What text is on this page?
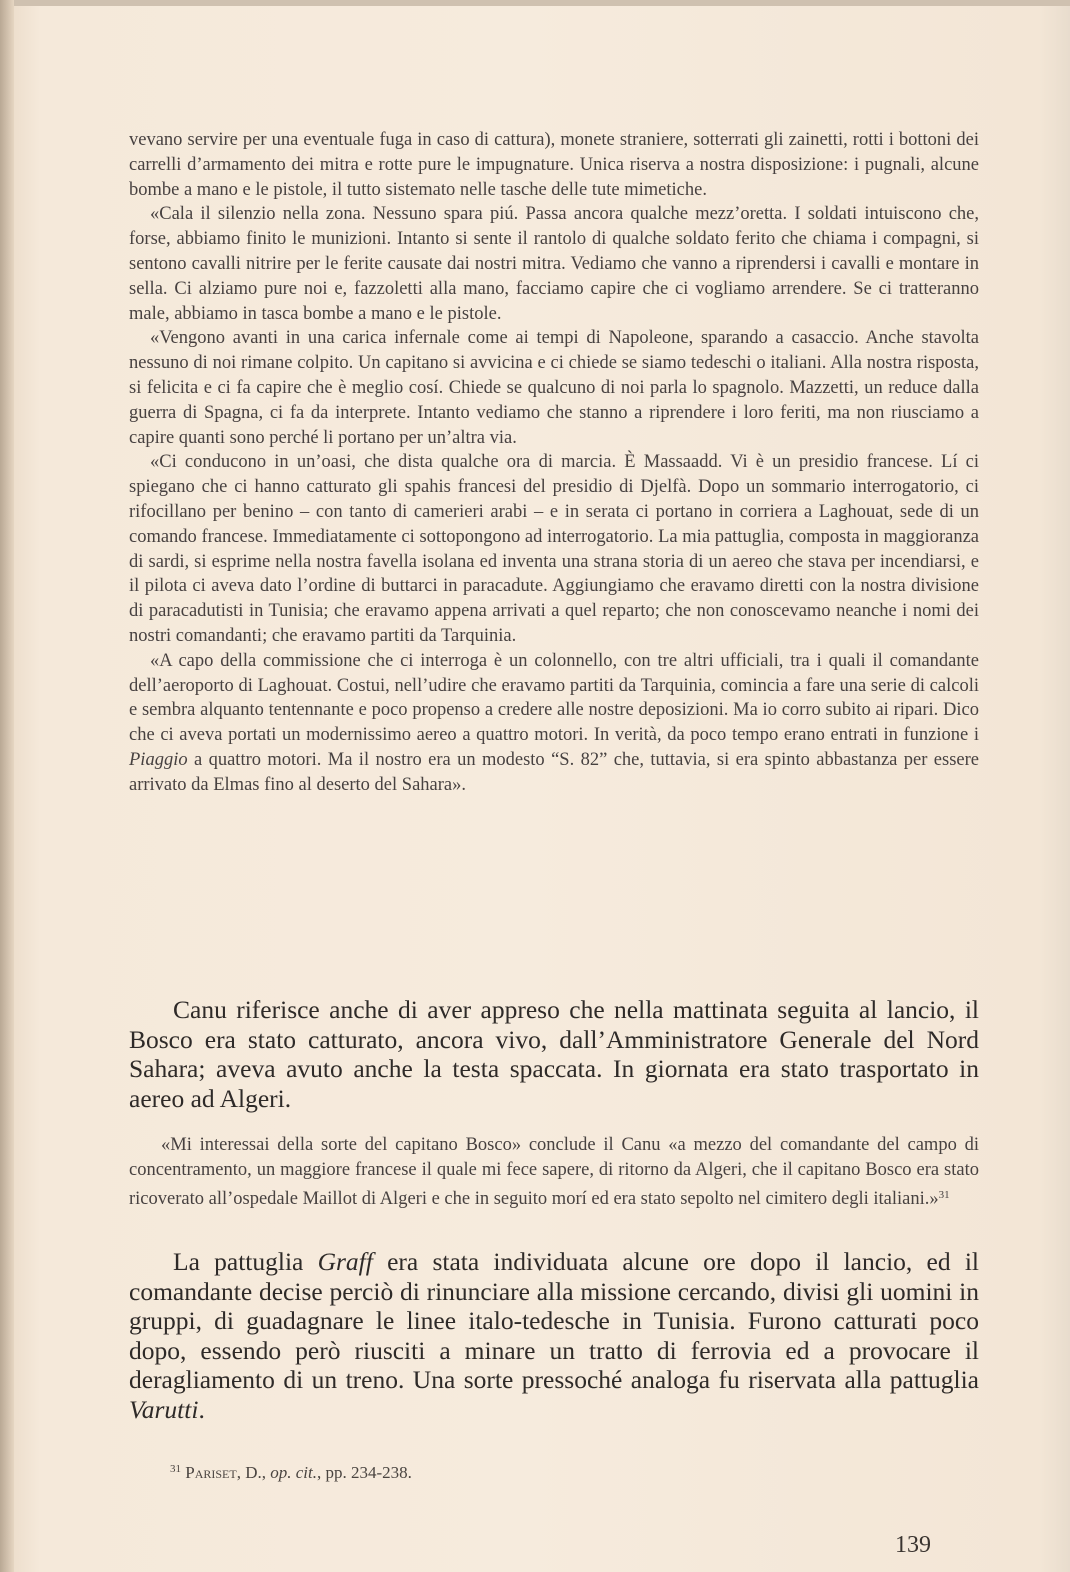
vevano servire per una eventuale fuga in caso di cattura), monete straniere, sotterrati gli zainetti, rotti i bottoni dei carrelli d’armamento dei mitra e rotte pure le impugnature. Unica riserva a nostra disposizione: i pugnali, alcune bombe a mano e le pistole, il tutto sistemato nelle tasche delle tute mimetiche.

«Cala il silenzio nella zona. Nessuno spara piú. Passa ancora qualche mezz’oretta. I soldati intuiscono che, forse, abbiamo finito le munizioni. Intanto si sente il rantolo di qualche soldato ferito che chiama i compagni, si sentono cavalli nitrire per le ferite causate dai nostri mitra. Vediamo che vanno a riprendersi i cavalli e montare in sella. Ci alziamo pure noi e, fazzoletti alla mano, facciamo capire che ci vogliamo arrendere. Se ci tratteranno male, abbiamo in tasca bombe a mano e le pistole.

«Vengono avanti in una carica infernale come ai tempi di Napoleone, sparando a casaccio. Anche stavolta nessuno di noi rimane colpito. Un capitano si avvicina e ci chiede se siamo tedeschi o italiani. Alla nostra risposta, si felicita e ci fa capire che è meglio cosí. Chiede se qualcuno di noi parla lo spagnolo. Mazzetti, un reduce dalla guerra di Spagna, ci fa da interprete. Intanto vediamo che stanno a riprendere i loro feriti, ma non riusciamo a capire quanti sono perché li portano per un’altra via.

«Ci conducono in un’oasi, che dista qualche ora di marcia. È Massaadd. Vi è un presidio francese. Lí ci spiegano che ci hanno catturato gli spahis francesi del presidio di Djelfà. Dopo un sommario interrogatorio, ci rifocillano per benino – con tanto di camerieri arabi – e in serata ci portano in corriera a Laghouat, sede di un comando francese. Immediatamente ci sottopongono ad interrogatorio. La mia pattuglia, composta in maggioranza di sardi, si esprime nella nostra favella isolana ed inventa una strana storia di un aereo che stava per incendiarsi, e il pilota ci aveva dato l’ordine di buttarci in paracadute. Aggiungiamo che eravamo diretti con la nostra divisione di paracadutisti in Tunisia; che eravamo appena arrivati a quel reparto; che non conoscevamo neanche i nomi dei nostri comandanti; che eravamo partiti da Tarquinia.

«A capo della commissione che ci interroga è un colonnello, con tre altri ufficiali, tra i quali il comandante dell’aeroporto di Laghouat. Costui, nell’udire che eravamo partiti da Tarquinia, comincia a fare una serie di calcoli e sembra alquanto tentennante e poco propenso a credere alle nostre deposizioni. Ma io corro subito ai ripari. Dico che ci aveva portati un modernissimo aereo a quattro motori. In verità, da poco tempo erano entrati in funzione i Piaggio a quattro motori. Ma il nostro era un modesto “S. 82” che, tuttavia, si era spinto abbastanza per essere arrivato da Elmas fino al deserto del Sahara».

Canu riferisce anche di aver appreso che nella mattinata seguita al lancio, il Bosco era stato catturato, ancora vivo, dall’Amministratore Generale del Nord Sahara; aveva avuto anche la testa spaccata. In giornata era stato trasportato in aereo ad Algeri.
«Mi interessai della sorte del capitano Bosco» conclude il Canu «a mezzo del comandante del campo di concentramento, un maggiore francese il quale mi fece sapere, di ritorno da Algeri, che il capitano Bosco era stato ricoverato all’ospedale Maillot di Algeri e che in seguito morí ed era stato sepolto nel cimitero degli italiani.»$^{31}$
La pattuglia Graff era stata individuata alcune ore dopo il lancio, ed il comandante decise perciò di rinunciare alla missione cercando, divisi gli uomini in gruppi, di guadagnare le linee italo-tedesche in Tunisia. Furono catturati poco dopo, essendo però riusciti a minare un tratto di ferrovia ed a provocare il deragliamento di un treno. Una sorte pressoché analoga fu riservata alla pattuglia Varutti.
$^{31}$ Pariset, D., op. cit., pp. 234-238.
139
